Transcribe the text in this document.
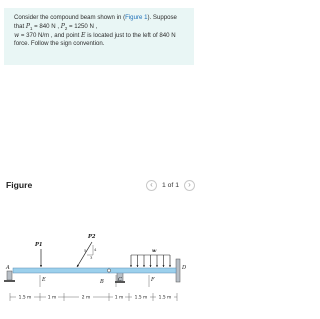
Consider the compound beam shown in (Figure 1). Suppose that $P_1 = 840$ N , $P_2 = 1250$ N ,
w = 370 N/m , and point E is located just to the left of 840 N force. Follow the sign convention.
Figure	‹ 1 of 1 ›
P1
P2
w
5 4
3
A
E	B	C	F
D
1.5 m	1 m	2 m	1 m	1.5 m	1.5 m
